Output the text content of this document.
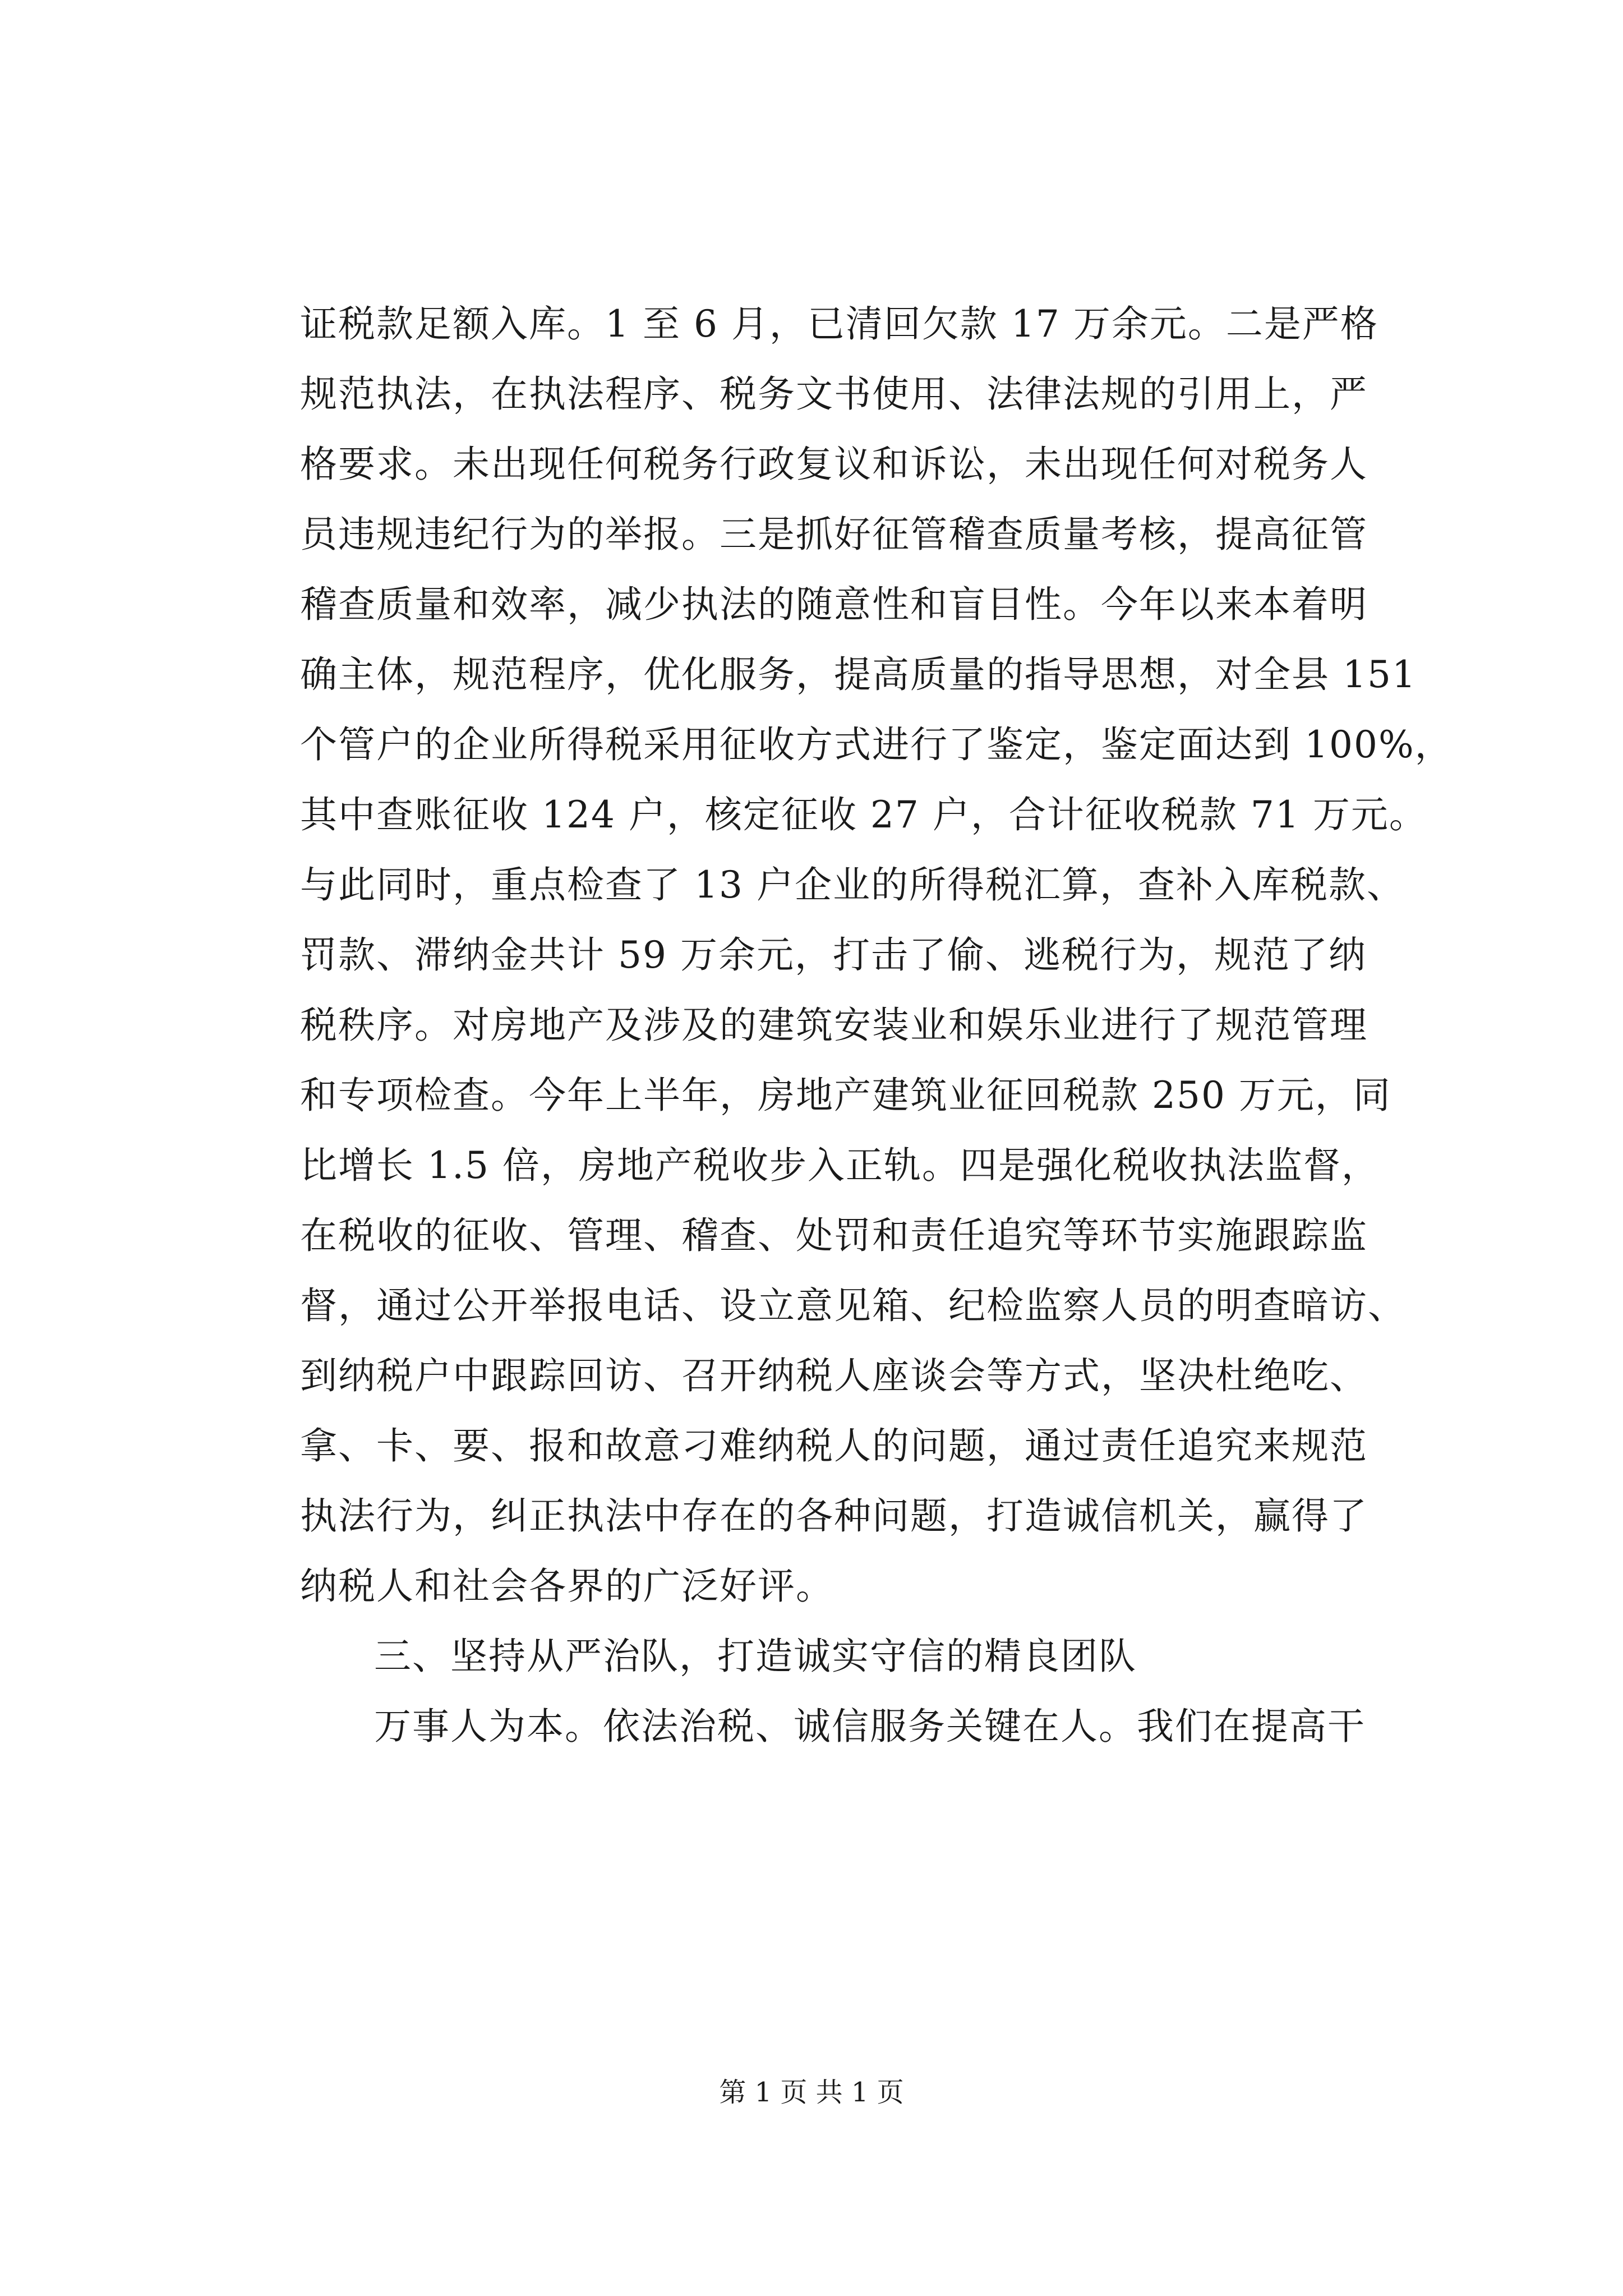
证税款足额入库。1 至 6 月，已清回欠款 17 万余元。二是严格
规范执法，在执法程序、税务文书使用、法律法规的引用上，严
格要求。未出现任何税务行政复议和诉讼，未出现任何对税务人
员违规违纪行为的举报。三是抓好征管稽查质量考核，提高征管
稽查质量和效率，减少执法的随意性和盲目性。今年以来本着明
确主体，规范程序，优化服务，提高质量的指导思想，对全县 151
个管户的企业所得税采用征收方式进行了鉴定，鉴定面达到 100%，
其中查账征收 124 户，核定征收 27 户，合计征收税款 71 万元。
与此同时，重点检查了 13 户企业的所得税汇算，查补入库税款、
罚款、滞纳金共计 59 万余元，打击了偷、逃税行为，规范了纳
税秩序。对房地产及涉及的建筑安装业和娱乐业进行了规范管理
和专项检查。今年上半年，房地产建筑业征回税款 250 万元，同
比增长 1.5 倍，房地产税收步入正轨。四是强化税收执法监督，
在税收的征收、管理、稽查、处罚和责任追究等环节实施跟踪监
督，通过公开举报电话、设立意见箱、纪检监察人员的明查暗访、
到纳税户中跟踪回访、召开纳税人座谈会等方式，坚决杜绝吃、
拿、卡、要、报和故意刁难纳税人的问题，通过责任追究来规范
执法行为，纠正执法中存在的各种问题，打造诚信机关，赢得了
纳税人和社会各界的广泛好评。
三、坚持从严治队，打造诚实守信的精良团队
万事人为本。依法治税、诚信服务关键在人。我们在提高干
第 1 页 共 1 页
